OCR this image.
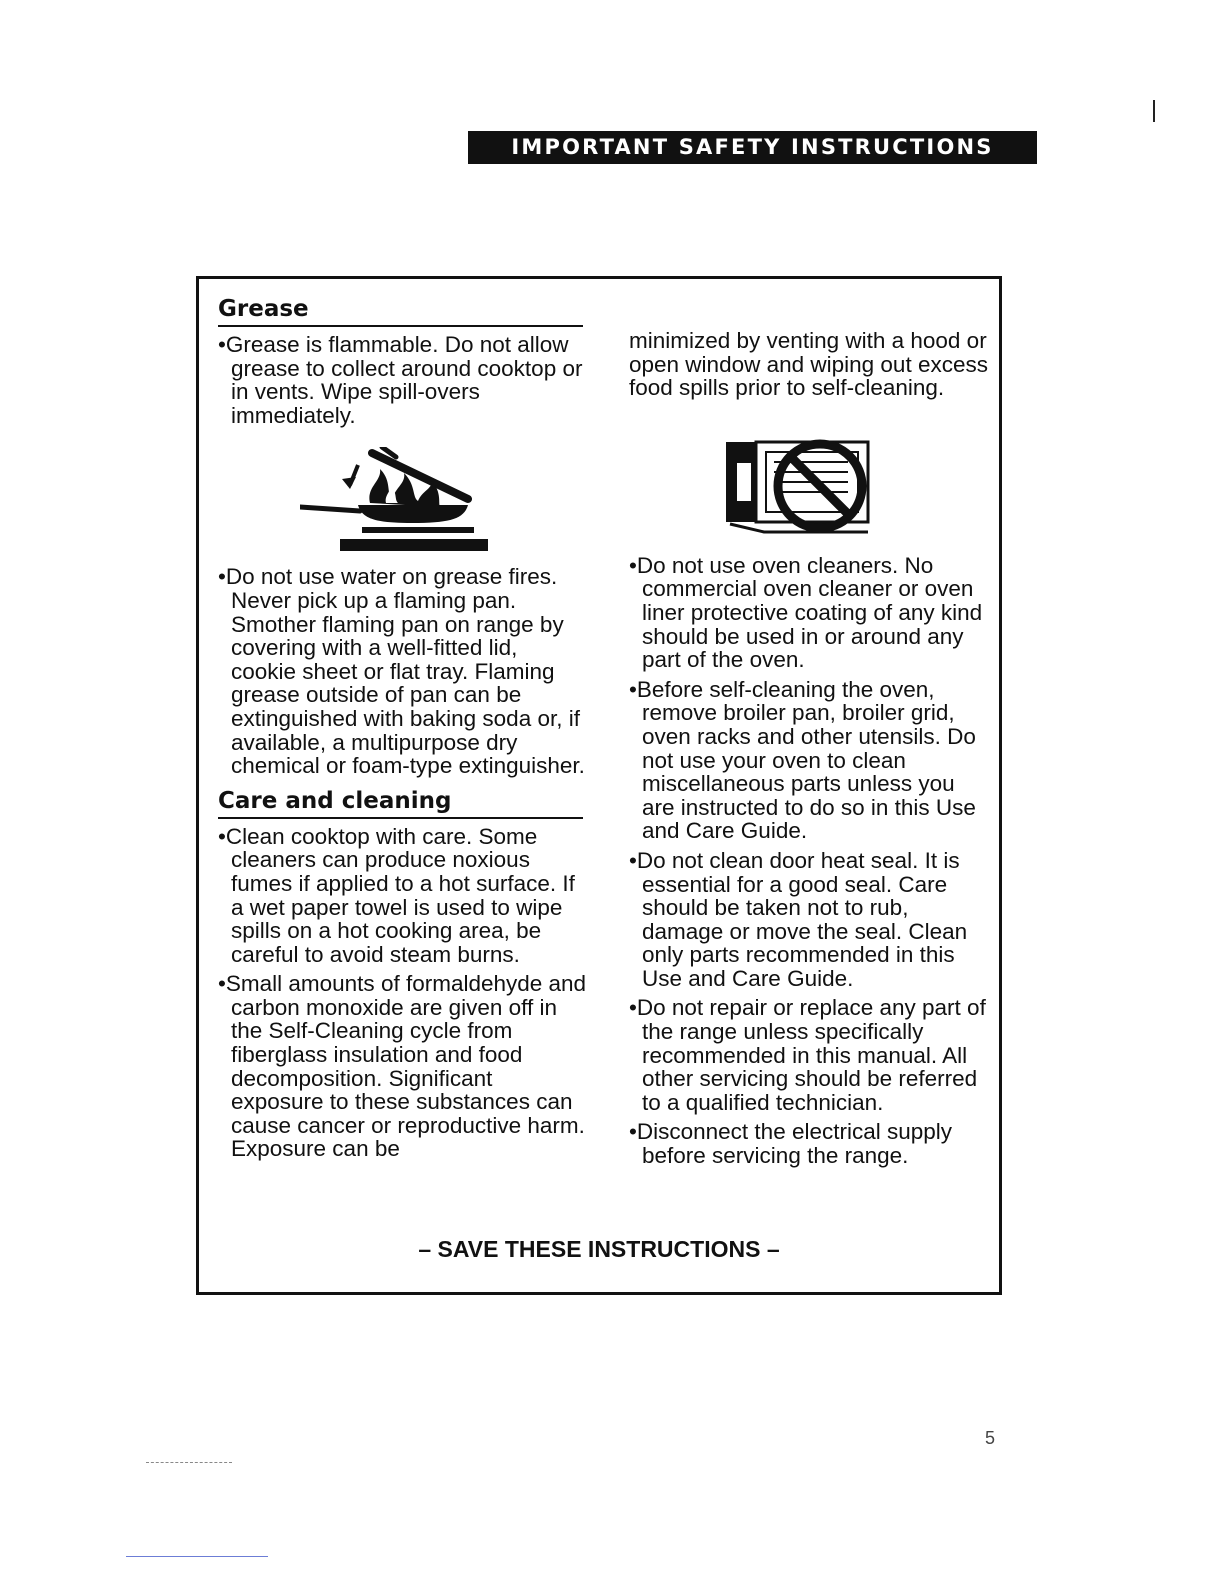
IMPORTANT SAFETY INSTRUCTIONS
Grease

•Grease is flammable. Do not allow grease to collect around cooktop or in vents. Wipe spill-overs immediately.

•Do not use water on grease fires. Never pick up a flaming pan. Smother flaming pan on range by covering with a well-fitted lid, cookie sheet or flat tray. Flaming grease outside of pan can be extinguished with baking soda or, if available, a multipurpose dry chemical or foam-type extinguisher.

Care and cleaning

•Clean cooktop with care. Some cleaners can produce noxious fumes if applied to a hot surface. If a wet paper towel is used to wipe spills on a hot cooking area, be careful to avoid steam burns.

•Small amounts of formaldehyde and carbon monoxide are given off in the Self-Cleaning cycle from fiberglass insulation and food decomposition. Significant exposure to these substances can cause cancer or reproductive harm. Exposure can be

minimized by venting with a hood or open window and wiping out excess food spills prior to self-cleaning.

•Do not use oven cleaners. No commercial oven cleaner or oven liner protective coating of any kind should be used in or around any part of the oven.

•Before self-cleaning the oven, remove broiler pan, broiler grid, oven racks and other utensils. Do not use your oven to clean miscellaneous parts unless you are instructed to do so in this Use and Care Guide.

•Do not clean door heat seal. It is essential for a good seal. Care should be taken not to rub, damage or move the seal. Clean only parts recommended in this Use and Care Guide.

•Do not repair or replace any part of the range unless specifically recommended in this manual. All other servicing should be referred to a qualified technician.

•Disconnect the electrical supply before servicing the range.

– SAVE THESE INSTRUCTIONS –
5
